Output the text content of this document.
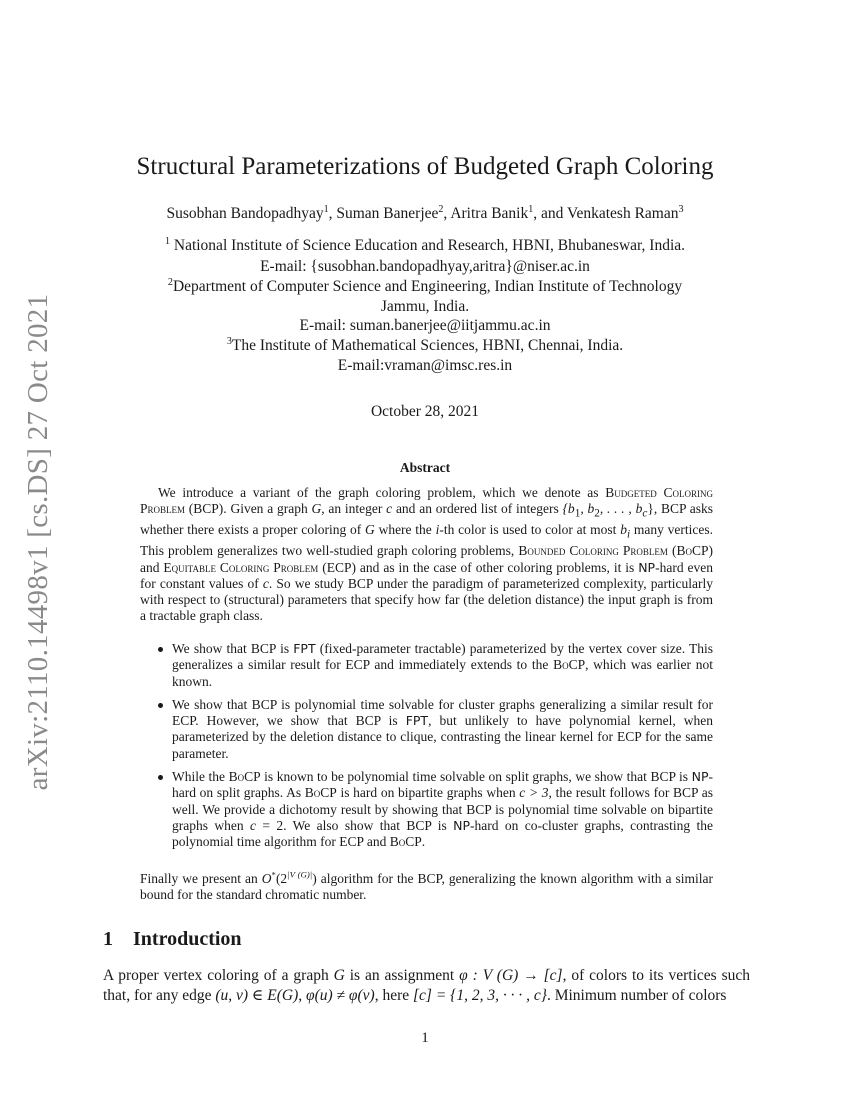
arXiv:2110.14498v1 [cs.DS] 27 Oct 2021
Structural Parameterizations of Budgeted Graph Coloring
Susobhan Bandopadhyay$^1$, Suman Banerjee$^2$, Aritra Banik$^1$, and Venkatesh Raman$^3$
$^1$ National Institute of Science Education and Research, HBNI, Bhubaneswar, India.
E-mail: {susobhan.bandopadhyay,aritra}@niser.ac.in
$^2$Department of Computer Science and Engineering, Indian Institute of Technology
Jammu, India.
E-mail: suman.banerjee@iitjammu.ac.in
$^3$The Institute of Mathematical Sciences, HBNI, Chennai, India.
E-mail:vraman@imsc.res.in
October 28, 2021
Abstract
We introduce a variant of the graph coloring problem, which we denote as Budgeted Coloring Problem (BCP). Given a graph G, an integer c and an ordered list of integers {$b_1$, $b_2$, . . . , $b_c$}, BCP asks whether there exists a proper coloring of G where the i-th color is used to color at most $b_i$ many vertices. This problem generalizes two well-studied graph coloring problems, Bounded Coloring Problem (BoCP) and Equitable Coloring Problem (ECP) and as in the case of other coloring problems, it is NP-hard even for constant values of c. So we study BCP under the paradigm of parameterized complexity, particularly with respect to (structural) parameters that specify how far (the deletion distance) the input graph is from a tractable graph class.
We show that BCP is FPT (fixed-parameter tractable) parameterized by the vertex cover size. This generalizes a similar result for ECP and immediately extends to the BoCP, which was earlier not known.
We show that BCP is polynomial time solvable for cluster graphs generalizing a similar result for ECP. However, we show that BCP is FPT, but unlikely to have polynomial kernel, when parameterized by the deletion distance to clique, contrasting the linear kernel for ECP for the same parameter.
While the BoCP is known to be polynomial time solvable on split graphs, we show that BCP is NP-hard on split graphs. As BoCP is hard on bipartite graphs when c > 3, the result follows for BCP as well. We provide a dichotomy result by showing that BCP is polynomial time solvable on bipartite graphs when c = 2. We also show that BCP is NP-hard on co-cluster graphs, contrasting the polynomial time algorithm for ECP and BoCP.
Finally we present an $O^*(2^{|V (G)|})$ algorithm for the BCP, generalizing the known algorithm with a similar bound for the standard chromatic number.
1 Introduction
A proper vertex coloring of a graph G is an assignment φ : V (G) → [c], of colors to its vertices such that, for any edge (u, v) ∈ E(G), φ(u) ≠ φ(v), here [c] = {1, 2, 3, · · · , c}. Minimum number of colors
1
